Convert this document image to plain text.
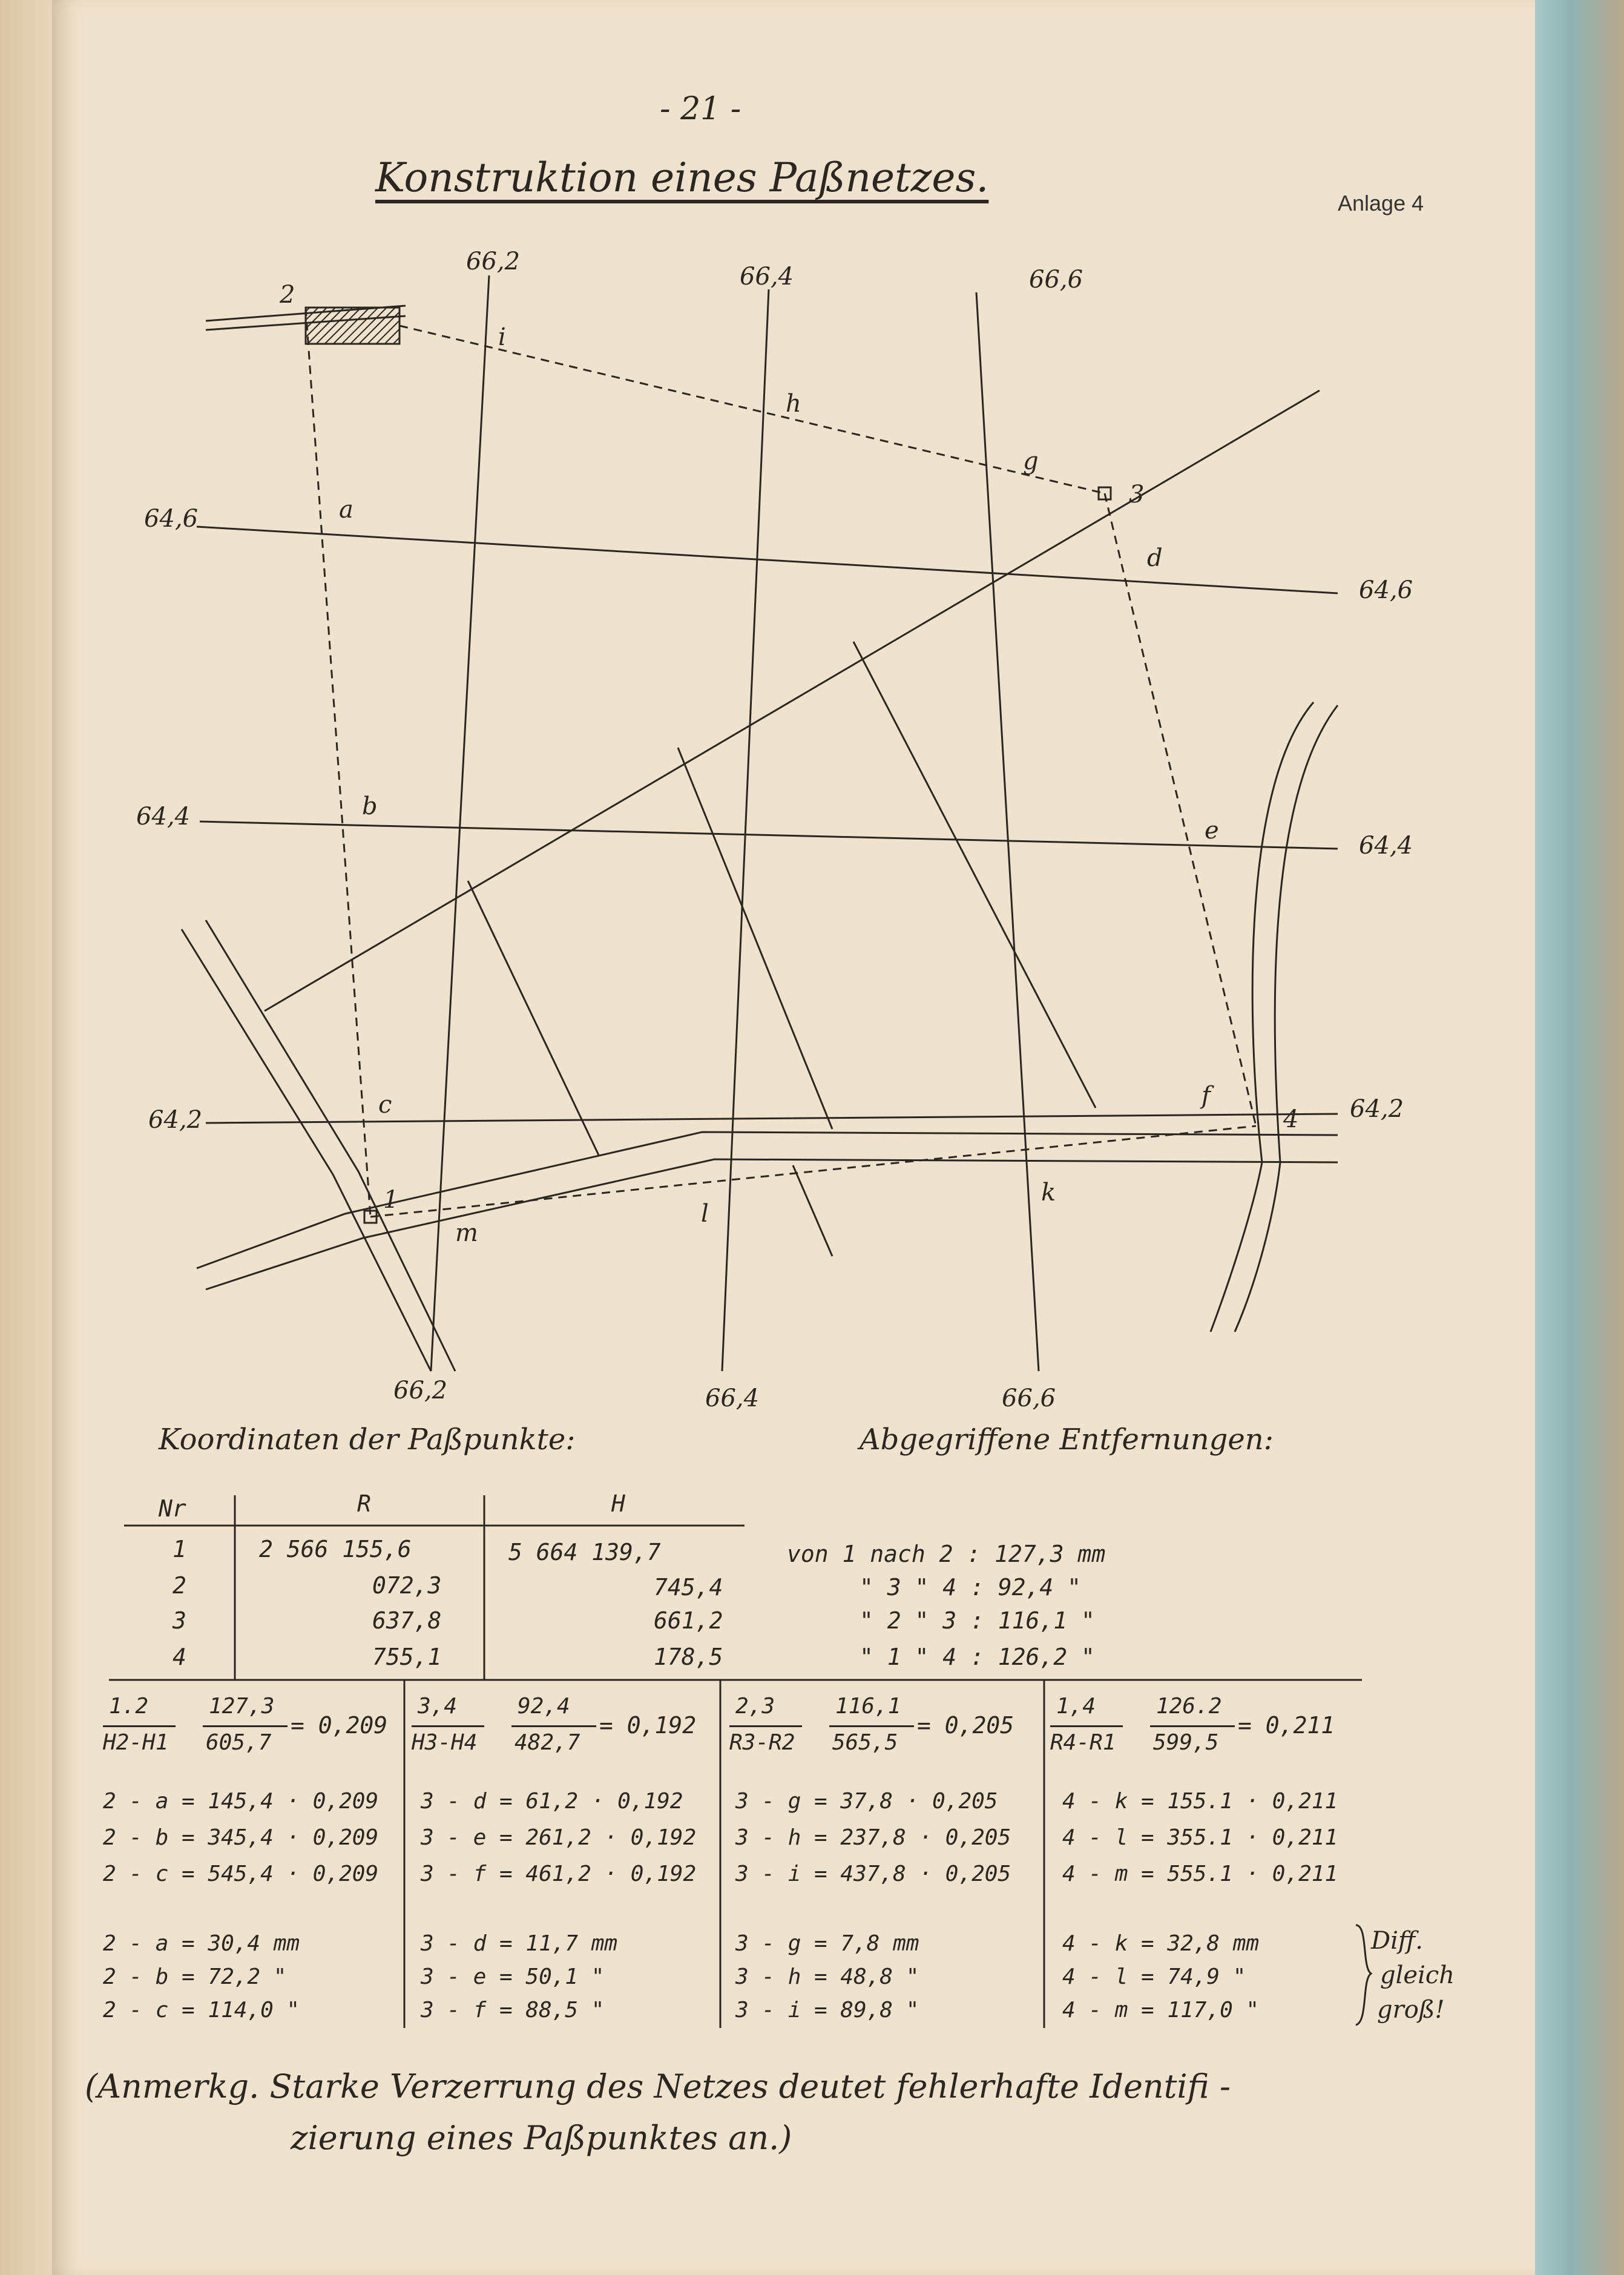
- 21 -
Konstruktion eines Paßnetzes.
Anlage 4
66,2
66,4	66,6
66,2	66,4	66,6
64,6
64,4
64,2
64,6
64,4
64,2
1
2
3
4
a
b
c
d
e
f
g
h
i
k
l
m
Koordinaten der Paßpunkte:	Abgegriffene Entfernungen:
Nr	R	H
1	2 566 155,6	5 664 139,7
2	072,3	745,4
3	637,8	661,2
4	755,1	178,5
von 1 nach 2 : 127,3 mm
" 3 " 4 : 92,4 "
" 2 " 3 : 116,1 "
" 1 " 4 : 126,2 "
1.2
H2-H1
127,3
605,7
= 0,209
3,4
H3-H4
92,4
482,7
= 0,192
2,3
R3-R2
116,1
565,5
= 0,205
1,4
R4-R1
126.2
599,5
= 0,211
2 - a = 145,4 · 0,209 3 - d = 61,2 · 0,192 3 - g = 37,8 · 0,205	4 - k = 155.1 · 0,211
2 - b = 345,4 · 0,209 3 - e = 261,2 · 0,192 3 - h = 237,8 · 0,205 4 - l = 355.1 · 0,211
2 - c = 545,4 · 0,209 3 - f = 461,2 · 0,192 3 - i = 437,8 · 0,205 4 - m = 555.1 · 0,211
2 - a = 30,4 mm	3 - d = 11,7 mm	3 - g = 7,8 mm	4 - k = 32,8 mm
2 - b = 72,2 "	3 - e = 50,1 "	3 - h = 48,8 "	4 - l = 74,9 "
2 - c = 114,0 "	3 - f = 88,5 "	3 - i = 89,8 "	4 - m = 117,0 "
Diff.
gleich
groß!
(Anmerkg. Starke Verzerrung des Netzes deutet fehlerhafte Identifi -
zierung eines Paßpunktes an.)
